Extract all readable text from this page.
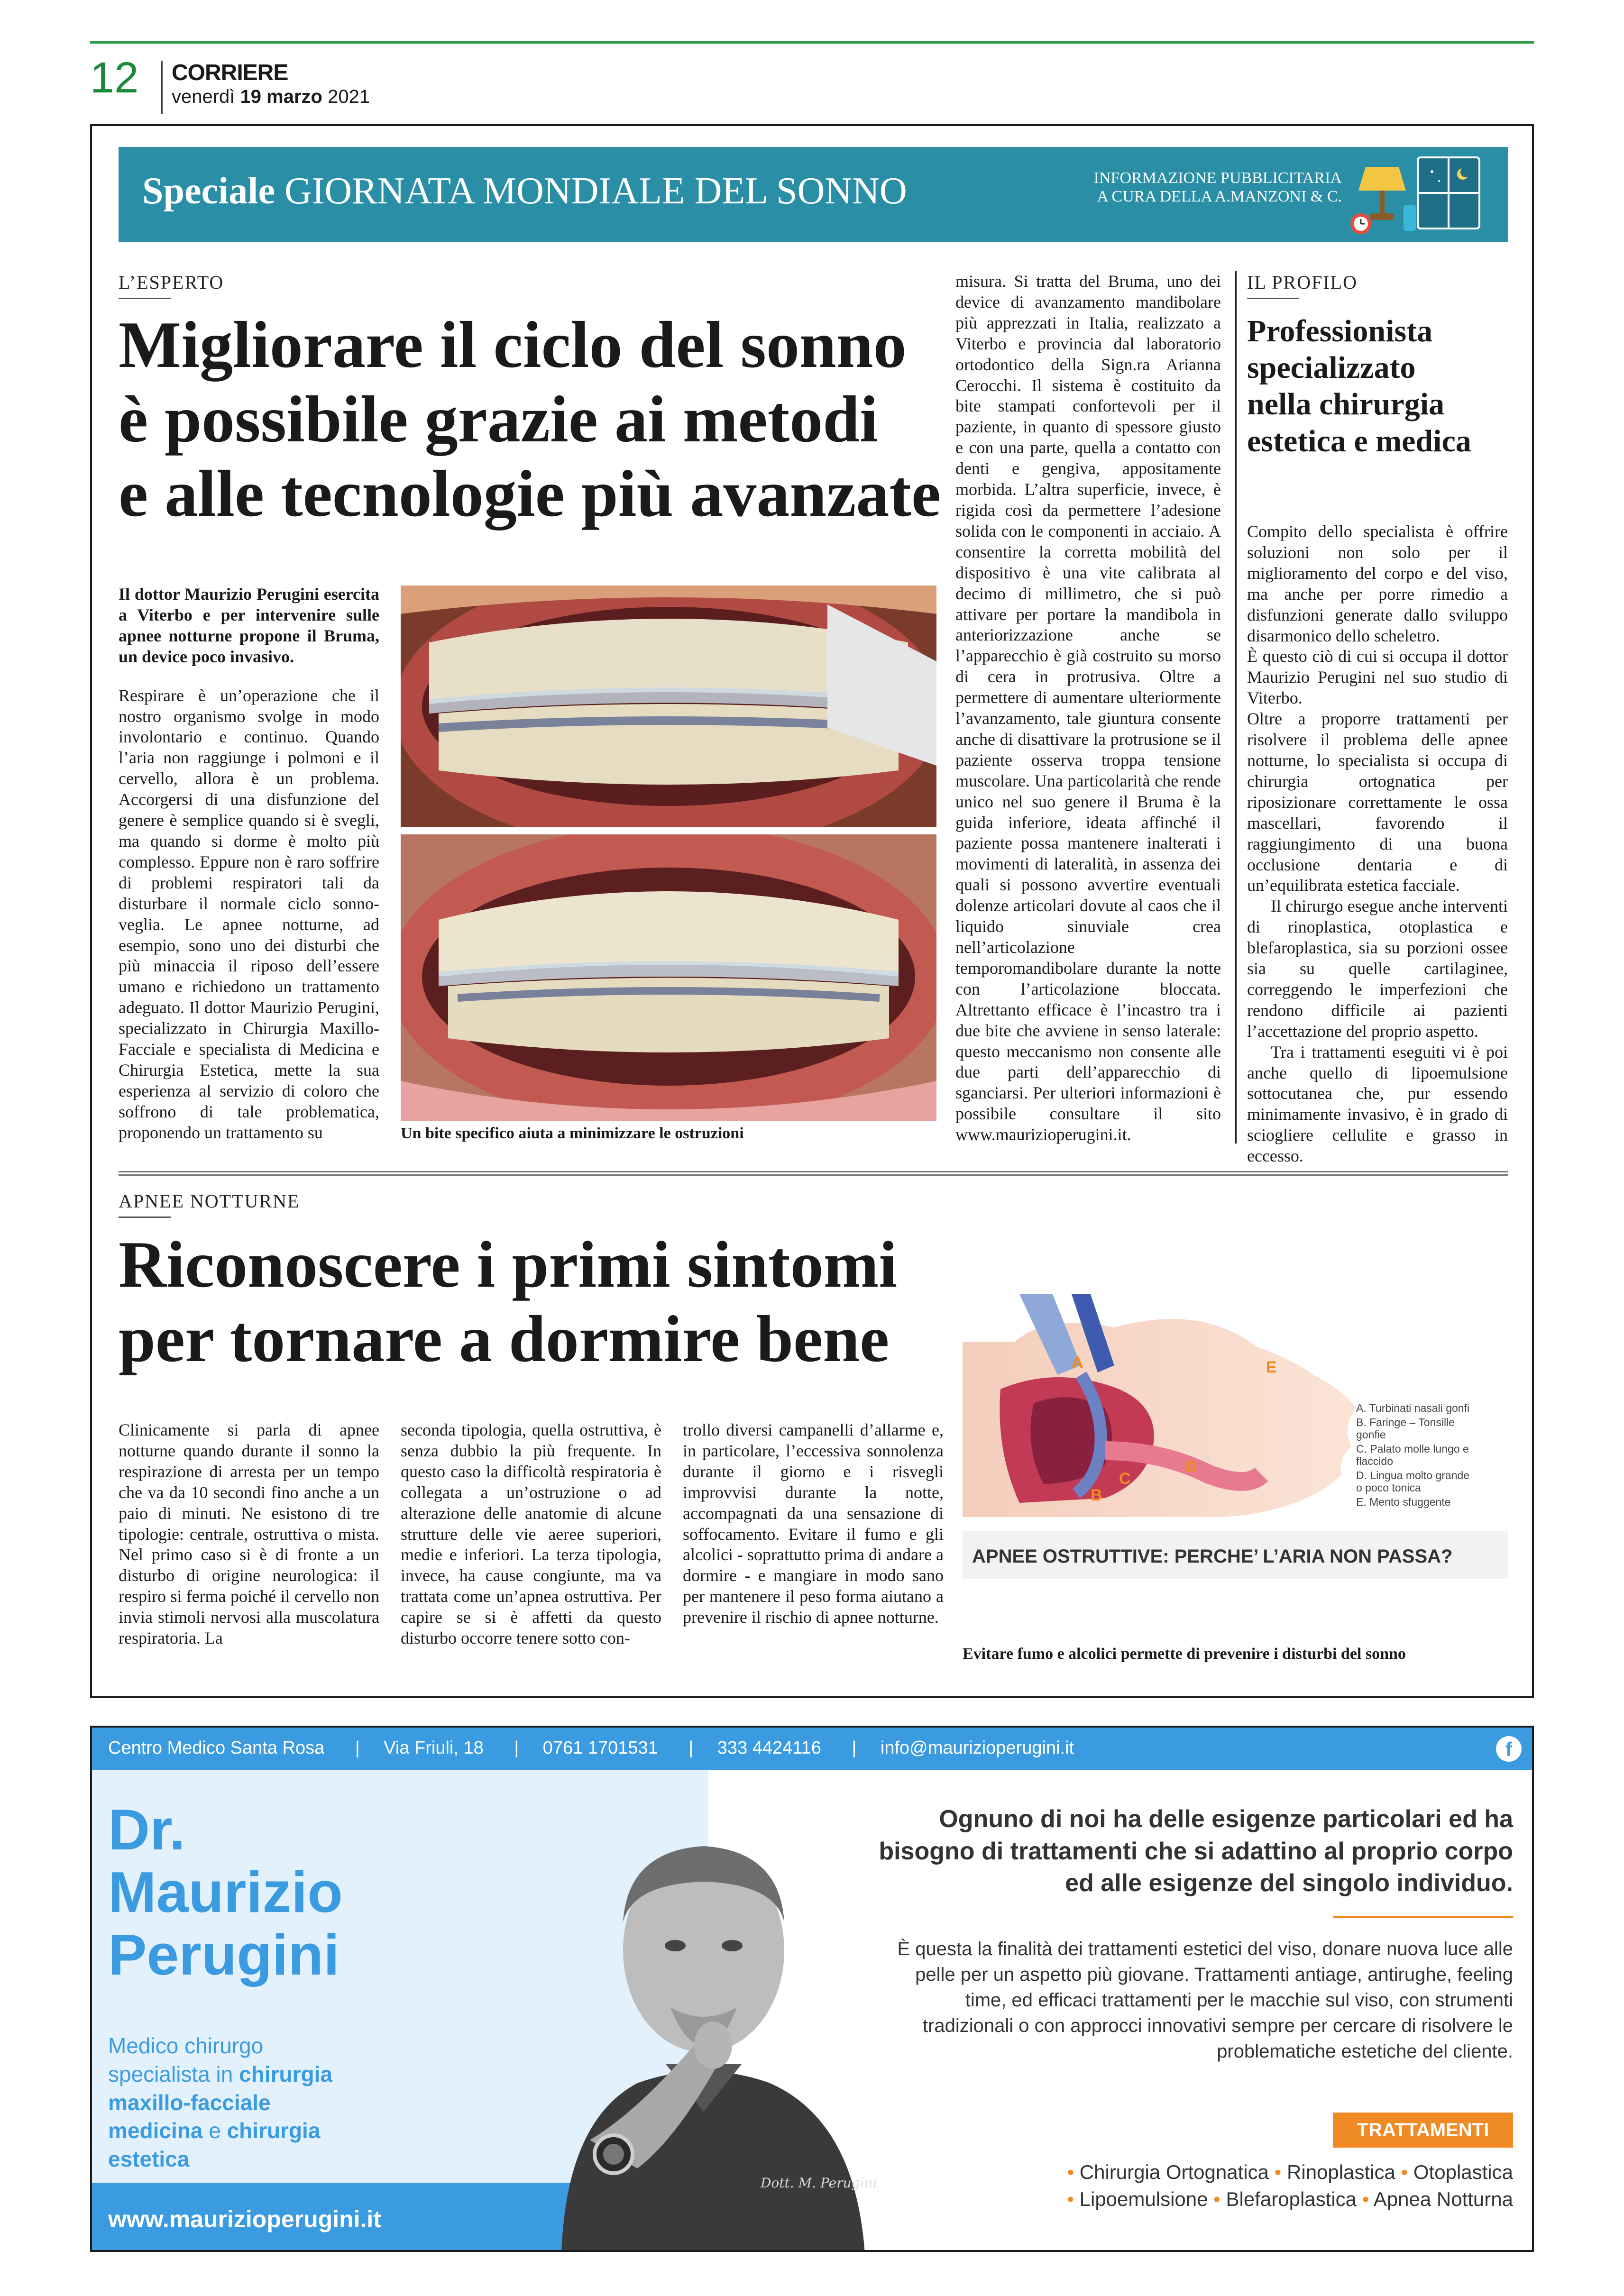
12 CORRIERE
venerdì 19 marzo 2021
Speciale GIORNATA MONDIALE DEL SONNO	INFORMAZIONE PUBBLICITARIA
A CURA DELLA A.MANZONI & C.
L’ESPERTO
Migliorare il ciclo del sonno
è possibile grazie ai metodi
e alle tecnologie più avanzate

Il dottor Maurizio Perugini esercita a Viterbo e per intervenire sulle apnee notturne propone il Bruma, un device poco invasivo.

Respirare è un’operazione che il nostro organismo svolge in modo involontario e continuo. Quando l’aria non raggiunge i polmoni e il cervello, allora è un problema. Accorgersi di una disfunzione del genere è semplice quando si è svegli, ma quando si dorme è molto più complesso. Eppure non è raro soffrire di problemi respiratori tali da disturbare il normale ciclo sonno-veglia. Le apnee notturne, ad esempio, sono uno dei disturbi che più minaccia il riposo dell’essere umano e richiedono un trattamento adeguato. Il dottor Maurizio Perugini, specializzato in Chirurgia Maxillo-Facciale e specialista di Medicina e Chirurgia Estetica, mette la sua esperienza al servizio di coloro che soffrono di tale problematica, proponendo un trattamento su	Un bite specifico aiuta a minimizzare le ostruzioni

misura. Si tratta del Bruma, uno dei device di avanzamento mandibolare più apprezzati in Italia, realizzato a Viterbo e provincia dal laboratorio ortodontico della Sign.ra Arianna Cerocchi. Il sistema è costituito da bite stampati confortevoli per il paziente, in quanto di spessore giusto e con una parte, quella a contatto con denti e gengiva, appositamente morbida. L’altra superficie, invece, è rigida così da permettere l’adesione solida con le componenti in acciaio. A consentire la corretta mobilità del dispositivo è una vite calibrata al decimo di millimetro, che si può attivare per portare la mandibola in anteriorizzazione anche se l’apparecchio è già costruito su morso di cera in protrusiva. Oltre a permettere di aumentare ulteriormente l’avanzamento, tale giuntura consente anche di disattivare la protrusione se il paziente osserva troppa tensione muscolare. Una particolarità che rende unico nel suo genere il Bruma è la guida inferiore, ideata affinché il paziente possa mantenere inalterati i movimenti di lateralità, in assenza dei quali si possono avvertire eventuali dolenze articolari dovute al caos che il liquido sinuviale crea nell’articolazione temporomandibolare durante la notte con l’articolazione bloccata. Altrettanto efficace è l’incastro tra i due bite che avviene in senso laterale: questo meccanismo non consente alle due parti dell’apparecchio di sganciarsi. Per ulteriori informazioni è possibile consultare il sito www.maurizioperugini.it.

IL PROFILO
Professionista
specializzato
nella chirurgia
estetica e medica

Compito dello specialista è offrire soluzioni non solo per il miglioramento del corpo e del viso, ma anche per porre rimedio a disfunzioni generate dallo sviluppo disarmonico dello scheletro.

È questo ciò di cui si occupa il dottor Maurizio Perugini nel suo studio di Viterbo.

Oltre a proporre trattamenti per risolvere il problema delle apnee notturne, lo specialista si occupa di chirurgia ortognatica per riposizionare correttamente le ossa mascellari, favorendo il raggiungimento di una buona occlusione dentaria e di un’equilibrata estetica facciale.

Il chirurgo esegue anche interventi di rinoplastica, otoplastica e blefaroplastica, sia su porzioni ossee sia su quelle cartilaginee, correggendo le imperfezioni che rendono difficile ai pazienti l’accettazione del proprio aspetto.

Tra i trattamenti eseguiti vi è poi anche quello di lipoemulsione sottocutanea che, pur essendo minimamente invasivo, è in grado di sciogliere cellulite e grasso in eccesso.

APNEE NOTTURNE
Riconoscere i primi sintomi
per tornare a dormire bene
Clinicamente si parla di apnee notturne quando durante il sonno la respirazione di arresta per un tempo che va da 10 secondi fino anche a un paio di minuti. Ne esistono di tre tipologie: centrale, ostruttiva o mista. Nel primo caso si è di fronte a un disturbo di origine neurologica: il respiro si ferma poiché il cervello non invia stimoli nervosi alla muscolatura respiratoria. La
seconda tipologia, quella ostruttiva, è senza dubbio la più frequente. In questo caso la difficoltà respiratoria è collegata a un’ostruzione o ad alterazione delle anatomie di alcune strutture delle vie aeree superiori, medie e inferiori. La terza tipologia, invece, ha cause congiunte, ma va trattata come un’apnea ostruttiva. Per capire se si è affetti da questo disturbo occorre tenere sotto con-
trollo diversi campanelli d’allarme e, in particolare, l’eccessiva sonnolenza durante il giorno e i risvegli improvvisi durante la notte, accompagnati da una sensazione di soffocamento. Evitare il fumo e gli alcolici - soprattutto prima di andare a dormire - e mangiare in modo sano per mantenere il peso forma aiutano a prevenire il rischio di apnee notturne.
A
B
C
D
E
A. Turbinati nasali gonfi
B. Faringe – Tonsille
gonfie
C. Palato molle lungo e
flaccido
D. Lingua molto grande
o poco tonica
E. Mento sfuggente
APNEE OSTRUTTIVE: PERCHE’ L’ARIA NON PASSA?
Evitare fumo e alcolici permette di prevenire i disturbi del sonno
Centro Medico Santa Rosa | Via Friuli, 18 | 0761 1701531 | 333 4424116 | info@maurizioperugini.it	f
Dr.
Maurizio
Perugini
Medico chirurgo
specialista in chirurgia
maxillo-facciale
medicina e chirurgia
estetica
www.maurizioperugini.it
Dott. M. Perugini
Ognuno di noi ha delle esigenze particolari ed ha bisogno di trattamenti che si adattino al proprio corpo ed alle esigenze del singolo individuo.
È questa la finalità dei trattamenti estetici del viso, donare nuova luce alle pelle per un aspetto più giovane. Trattamenti antiage, antirughe, feeling time, ed efficaci trattamenti per le macchie sul viso, con strumenti tradizionali o con approcci innovativi sempre per cercare di risolvere le problematiche estetiche del cliente.
TRATTAMENTI
• Chirurgia Ortognatica • Rinoplastica • Otoplastica
• Lipoemulsione • Blefaroplastica • Apnea Notturna
